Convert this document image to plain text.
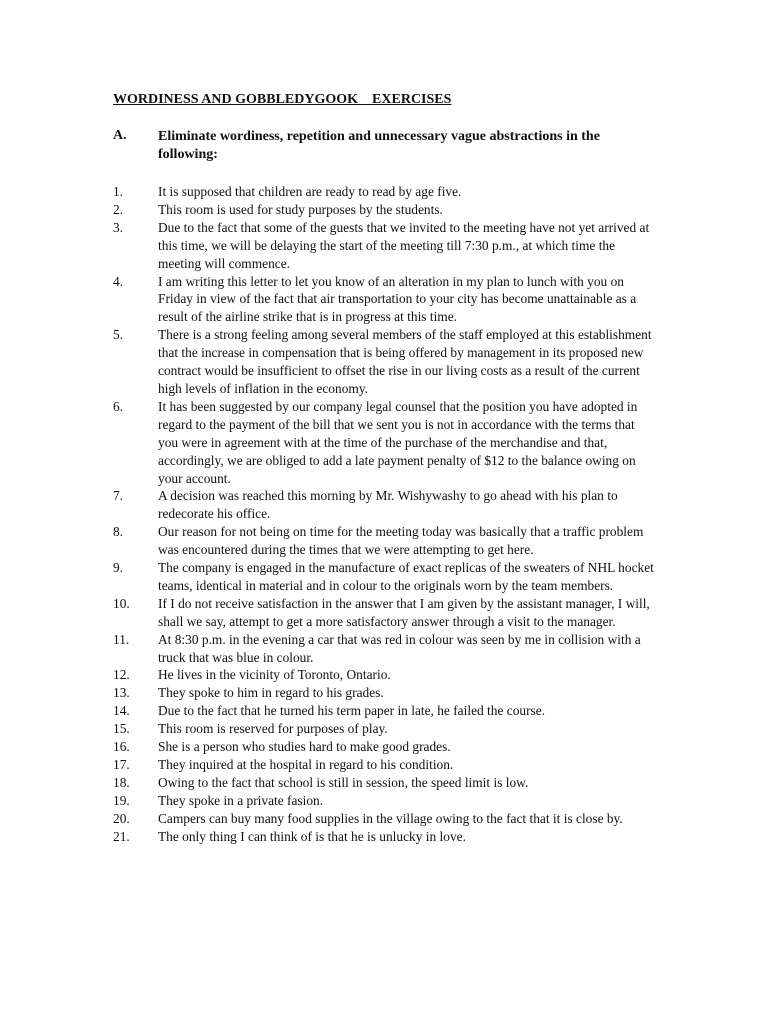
WORDINESS AND GOBBLEDYGOOK _ EXERCISES
A. Eliminate wordiness, repetition and unnecessary vague abstractions in the following:
1.	It is supposed that children are ready to read by age five.
2.	This room is used for study purposes by the students.
3.	Due to the fact that some of the guests that we invited to the meeting have not yet arrived at this time, we will be delaying the start of the meeting till 7:30 p.m., at which time the meeting will commence.
4.	I am writing this letter to let you know of an alteration in my plan to lunch with you on Friday in view of the fact that air transportation to your city has become unattainable as a result of the airline strike that is in progress at this time.
5.	There is a strong feeling among several members of the staff employed at this establishment that the increase in compensation that is being offered by management in its proposed new contract would be insufficient to offset the rise in our living costs as a result of the current high levels of inflation in the economy.
6.	It has been suggested by our company legal counsel that the position you have adopted in regard to the payment of the bill that we sent you is not in accordance with the terms that you were in agreement with at the time of the purchase of the merchandise and that, accordingly, we are obliged to add a late payment penalty of $12 to the balance owing on your account.
7.	A decision was reached this morning by Mr. Wishywashy to go ahead with his plan to redecorate his office.
8.	Our reason for not being on time for the meeting today was basically that a traffic problem was encountered during the times that we were attempting to get here.
9.	The company is engaged in the manufacture of exact replicas of the sweaters of NHL hocket teams, identical in material and in colour to the originals worn by the team members.
10.	If I do not receive satisfaction in the answer that I am given by the assistant manager, I will, shall we say, attempt to get a more satisfactory answer through a visit to the manager.
11.	At 8:30 p.m. in the evening a car that was red in colour was seen by me in collision with a truck that was blue in colour.
12.	He lives in the vicinity of Toronto, Ontario.
13.	They spoke to him in regard to his grades.
14.	Due to the fact that he turned his term paper in late, he failed the course.
15.	This room is reserved for purposes of play.
16.	She is a person who studies hard to make good grades.
17.	They inquired at the hospital in regard to his condition.
18.	Owing to the fact that school is still in session, the speed limit is low.
19.	They spoke in a private fasion.
20.	Campers can buy many food supplies in the village owing to the fact that it is close by.
21.	The only thing I can think of is that he is unlucky in love.
